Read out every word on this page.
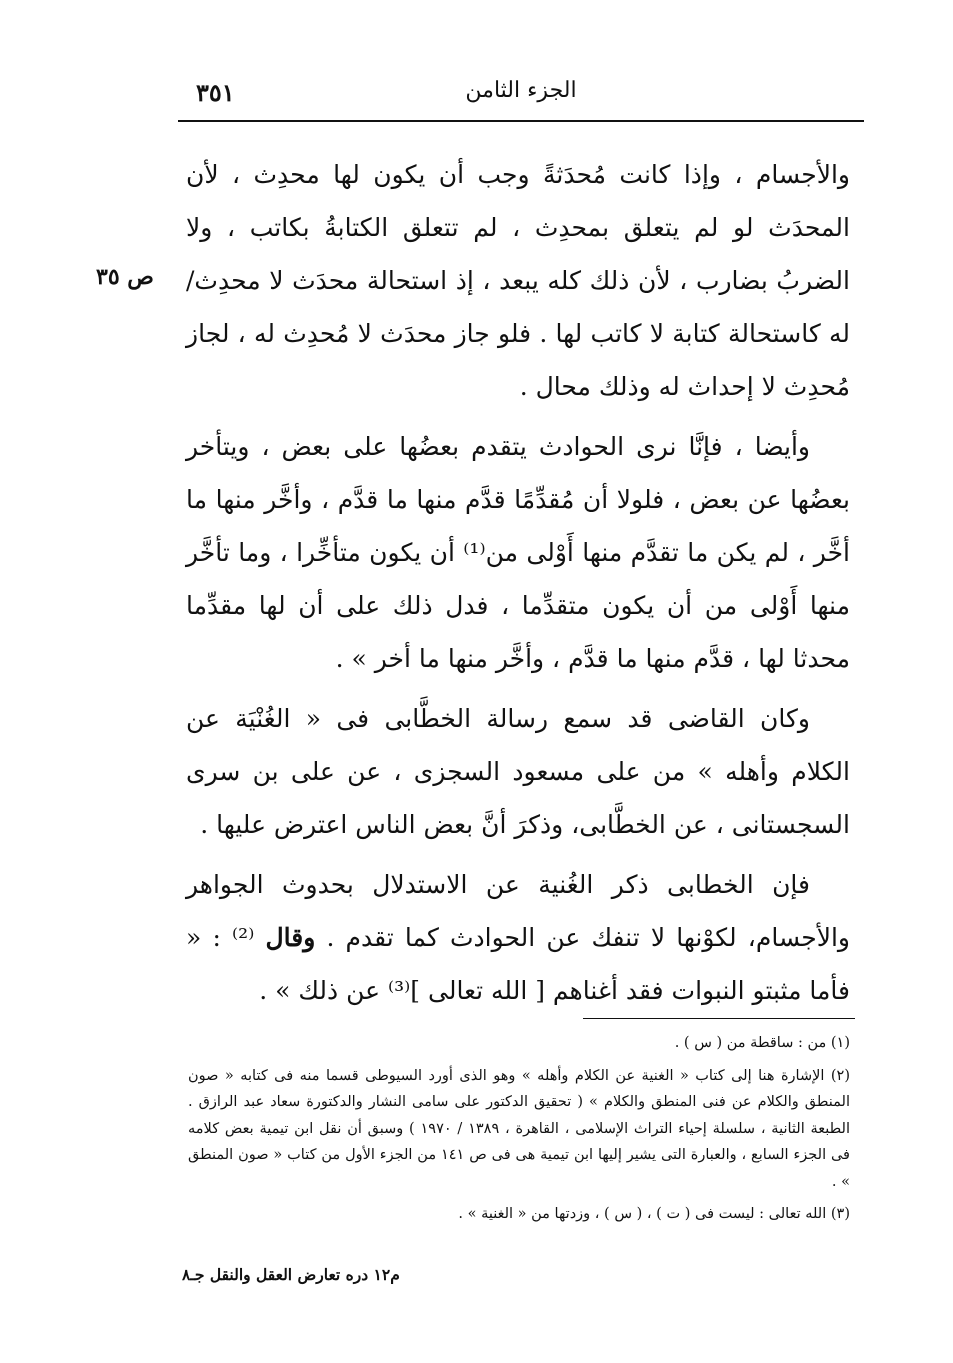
٣٥١	الجزء الثامن
ص ٣٥

والأجسام ، وإذا كانت مُحدَثةً وجب أن يكون لها محدِث ، لأن المحدَث لو لم يتعلق بمحدِث ، لم تتعلق الكتابةُ بكاتب ، ولا الضربُ بضارب ، لأن ذلك كله يبعد ، إذ استحالة محدَث لا محدِث/له كاستحالة كتابة لا كاتب لها . فلو جاز محدَث لا مُحدِث له ، لجاز مُحدِث لا إحداث له وذلك محال .

وأيضا ، فإنَّا نرى الحوادث يتقدم بعضُها على بعض ، ويتأخر بعضُها عن بعض ، فلولا أن مُقدِّمًا قدَّم منها ما قدَّم ، وأخَّر منها ما أخَّر ، لم يكن ما تقدَّم منها أَوْلى من⁽¹⁾ أن يكون متأخِّرا ، وما تأخَّر منها أَوْلى من أن يكون متقدِّما ، فدل ذلك على أن لها مقدِّما محدثا لها ، قدَّم منها ما قدَّم ، وأخَّر منها ما أخر » .

وكان القاضى قد سمع رسالة الخطَّابى فى « الغُنْيَة عن الكلام وأهله » من على مسعود السجزى ، عن على بن سرى السجستانى ، عن الخطَّابى، وذكرَ أنَّ بعض الناس اعترض عليها .

فإن الخطابى ذكر الغُنية عن الاستدلال بحدوث الجواهر والأجسام، لكوْنها لا تنفك عن الحوادث كما تقدم . وقال ⁽²⁾ : « فأما مثبتو النبوات فقد أغناهم [ الله تعالى ]⁽³⁾ عن ذلك » .

(١) من : ساقطة من ( س ) .

(٢) الإشارة هنا إلى كتاب « الغنية عن الكلام وأهله » وهو الذى أورد السيوطى قسما منه فى كتابه « صون المنطق والكلام عن فنى المنطق والكلام » ( تحقيق الدكتور على سامى النشار والدكتورة سعاد عبد الرازق . الطبعة الثانية ، سلسلة إحياء التراث الإسلامى ، القاهرة ، ١٣٨٩ / ١٩٧٠ ) وسبق أن نقل ابن تيمية بعض كلامه فى الجزء السابع ، والعبارة التى يشير إليها ابن تيمية هى فى ص ١٤١ من الجزء الأول من كتاب « صون المنطق » .

(٣) الله تعالى : ليست فى ( ت ) ، ( س ) ، وزدتها من « الغنية » .

م١٢ دره تعارض العقل والنقل جـ٨
